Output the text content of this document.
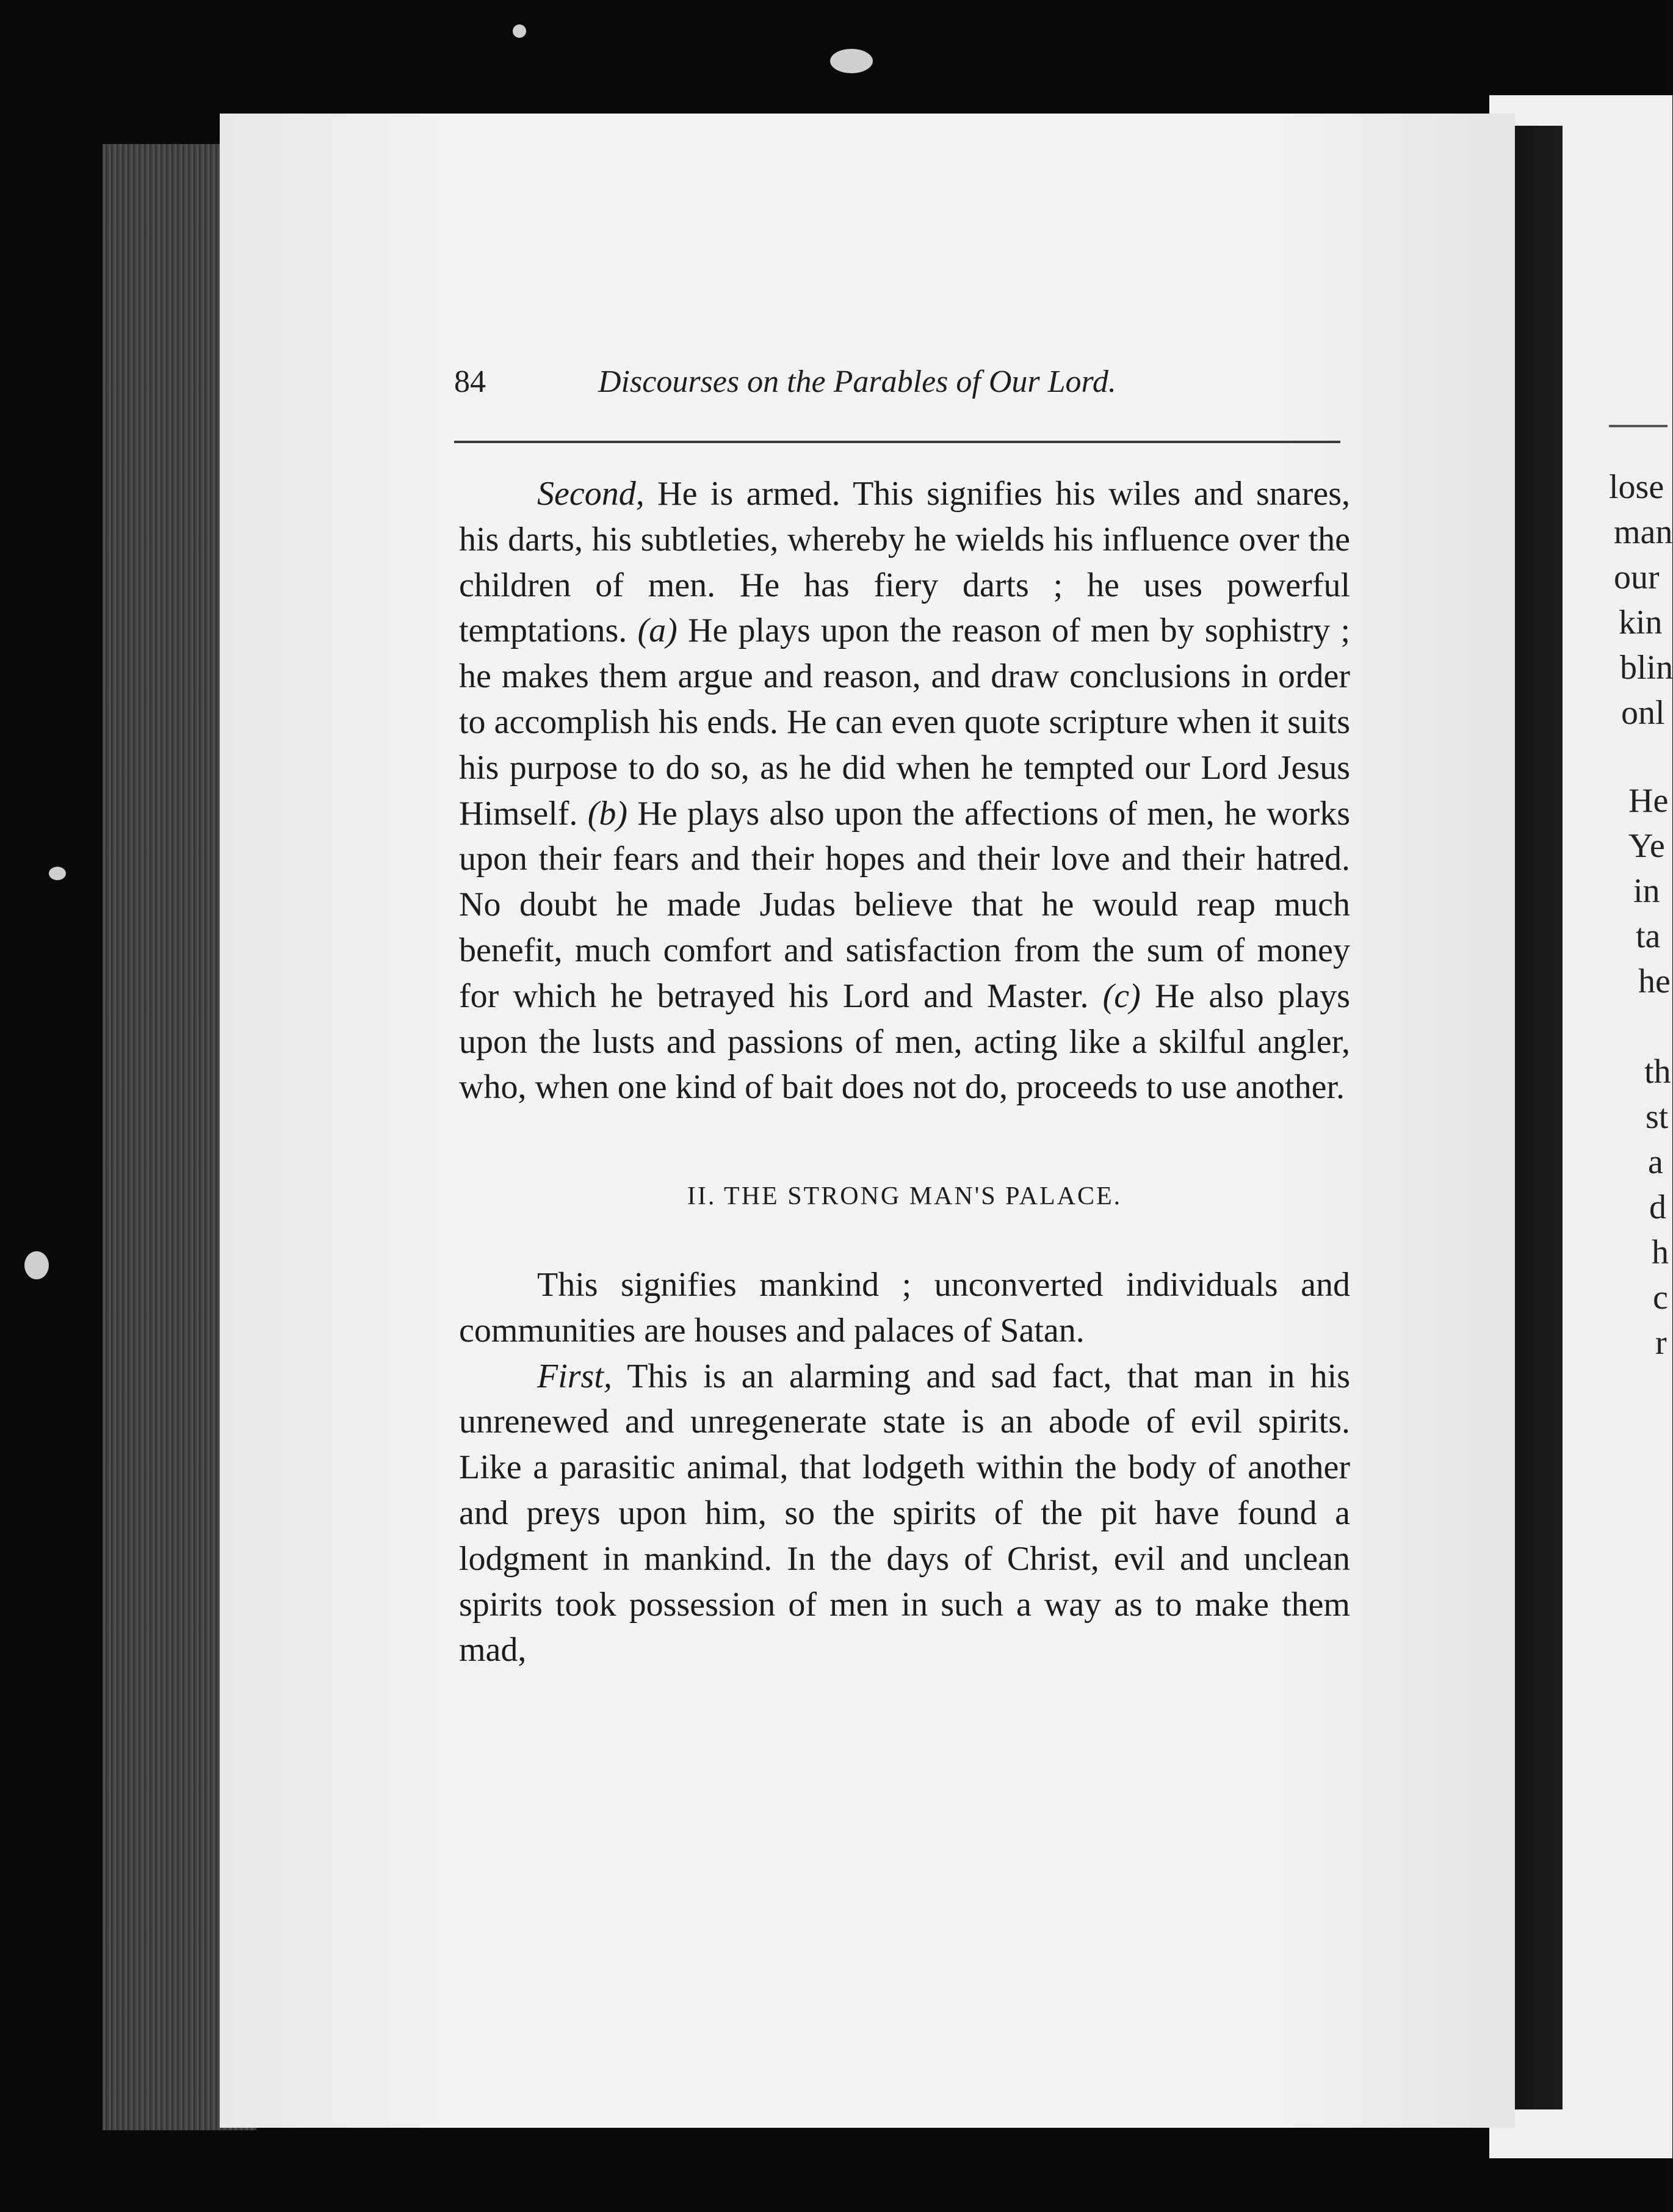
84	Discourses on the Parables of Our Lord.

Second, He is armed. This signifies his wiles and snares, his darts, his subtleties, whereby he wields his influence over the children of men. He has fiery darts ; he uses powerful temptations. (a) He plays upon the reason of men by sophistry ; he makes them argue and reason, and draw conclusions in order to accomplish his ends. He can even quote scripture when it suits his purpose to do so, as he did when he tempted our Lord Jesus Himself. (b) He plays also upon the affections of men, he works upon their fears and their hopes and their love and their hatred. No doubt he made Judas believe that he would reap much benefit, much comfort and satisfaction from the sum of money for which he betrayed his Lord and Master. (c) He also plays upon the lusts and passions of men, acting like a skilful angler, who, when one kind of bait does not do, proceeds to use another.

II. THE STRONG MAN'S PALACE.

This signifies mankind ; unconverted individuals and communities are houses and palaces of Satan.

First, This is an alarming and sad fact, that man in his unrenewed and unregenerate state is an abode of evil spirits. Like a parasitic animal, that lodgeth within the body of another and preys upon him, so the spirits of the pit have found a lodgment in mankind. In the days of Christ, evil and unclean spirits took possession of men in such a way as to make them mad,

lose
man
our
kin
blin
onl
He
Ye
in
ta
he
th
st
a
d
h
c
r
